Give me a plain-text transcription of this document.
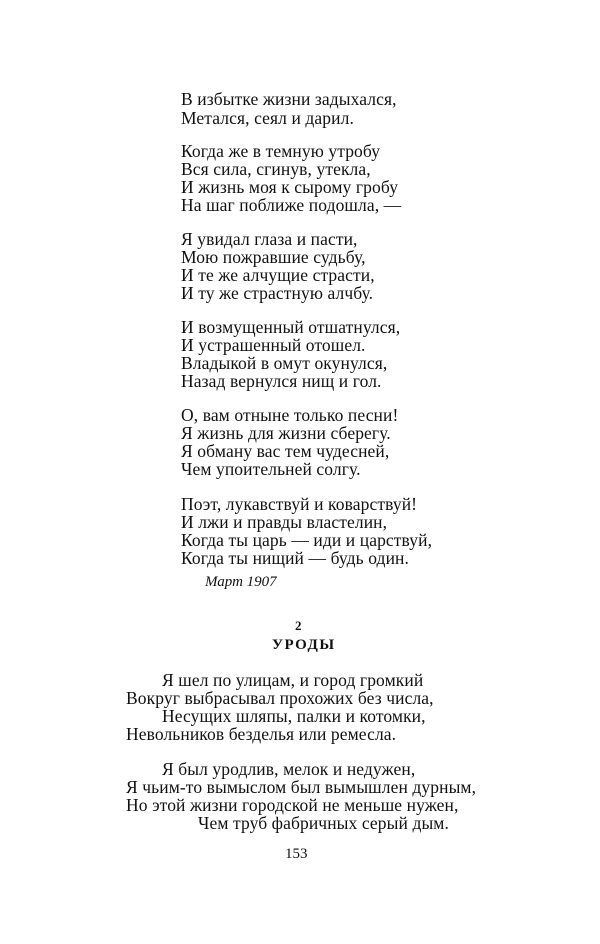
В избытке жизни задыхался,
Метался, сеял и дарил.
Когда же в темную утробу
Вся сила, сгинув, утекла,
И жизнь моя к сырому гробу
На шаг поближе подошла, —
Я увидал глаза и пасти,
Мою пожравшие судьбу,
И те же алчущие страсти,
И ту же страстную алчбу.
И возмущенный отшатнулся,
И устрашенный отошел.
Владыкой в омут окунулся,
Назад вернулся нищ и гол.
О, вам отныне только песни!
Я жизнь для жизни сберегу.
Я обману вас тем чудесней,
Чем упоительней солгу.
Поэт, лукавствуй и коварствуй!
И лжи и правды властелин,
Когда ты царь — иди и царствуй,
Когда ты нищий — будь один.
Март 1907
2
УРОДЫ
Я шел по улицам, и город громкий
Вокруг выбрасывал прохожих без числа,
Несущих шляпы, палки и котомки,
Невольников безделья или ремесла.
Я был уродлив, мелок и недужен,
Я чьим-то вымыслом был вымышлен дурным,
Но этой жизни городской не меньше нужен,
Чем труб фабричных серый дым.
153
